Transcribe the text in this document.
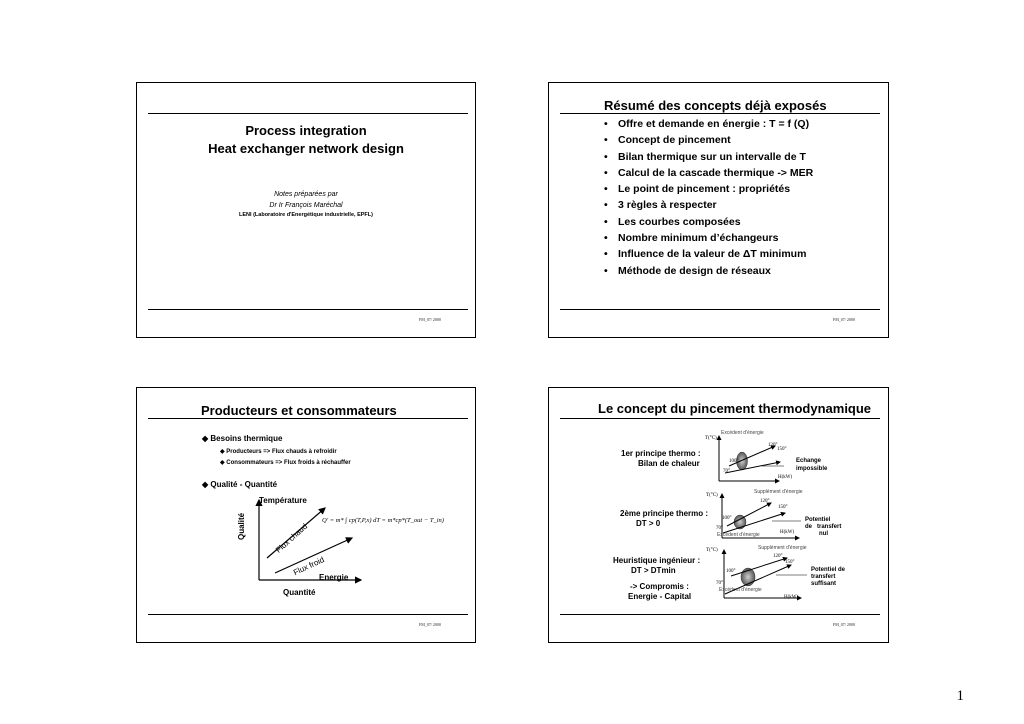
Process integration
Heat exchanger network design
Notes préparées par
Dr Ir François Maréchal
LENI (Laboratoire d'Energétique industrielle, EPFL)
FM_07/ 2000
Résumé des concepts déjà exposés
• Offre et demande en énergie : T = f (Q)
• Concept de pincement
• Bilan thermique sur un intervalle de T
• Calcul de la cascade thermique -> MER
• Le point de pincement : propriétés
• 3 règles à respecter
• Les courbes composées
• Nombre minimum d’échangeurs
• Influence de la valeur de ΔT minimum
• Méthode de design de réseaux
FM_07/ 2000
Producteurs et consommateurs
◆ Besoins thermique
◆ Producteurs => Flux chauds à refroidir
◆ Consommateurs => Flux froids à réchauffer
◆ Qualité - Quantité
Température
Qualité
Energie
Quantité
Flux chaud
Flux froid
Q' = m* ∫ cp(T,P,x) dT = m*cp*(T_out − T_in)
FM_07/ 2000
Le concept du pincement thermodynamique
1er principe thermo :
Bilan de chaleur
2ème principe thermo :
DT > 0
Heuristique ingénieur :
DT > DTmin
-> Compromis :
Energie - Capital
Excédent d'énergie
T(°C)
120°
150°
100°
70°
H(kW)
Echange
impossible
Supplément d'énergie
T(°C)
120°
150°
100°
70°
Excédent d'énergie	H(kW)
Potentiel
de transfert
nul
Supplément d'énergie
T(°C)
120°
150°
100°
70°
Excédent d'énergie
H(kW)
Potentiel de
transfert
suffisant
FM_07/ 2000
1
